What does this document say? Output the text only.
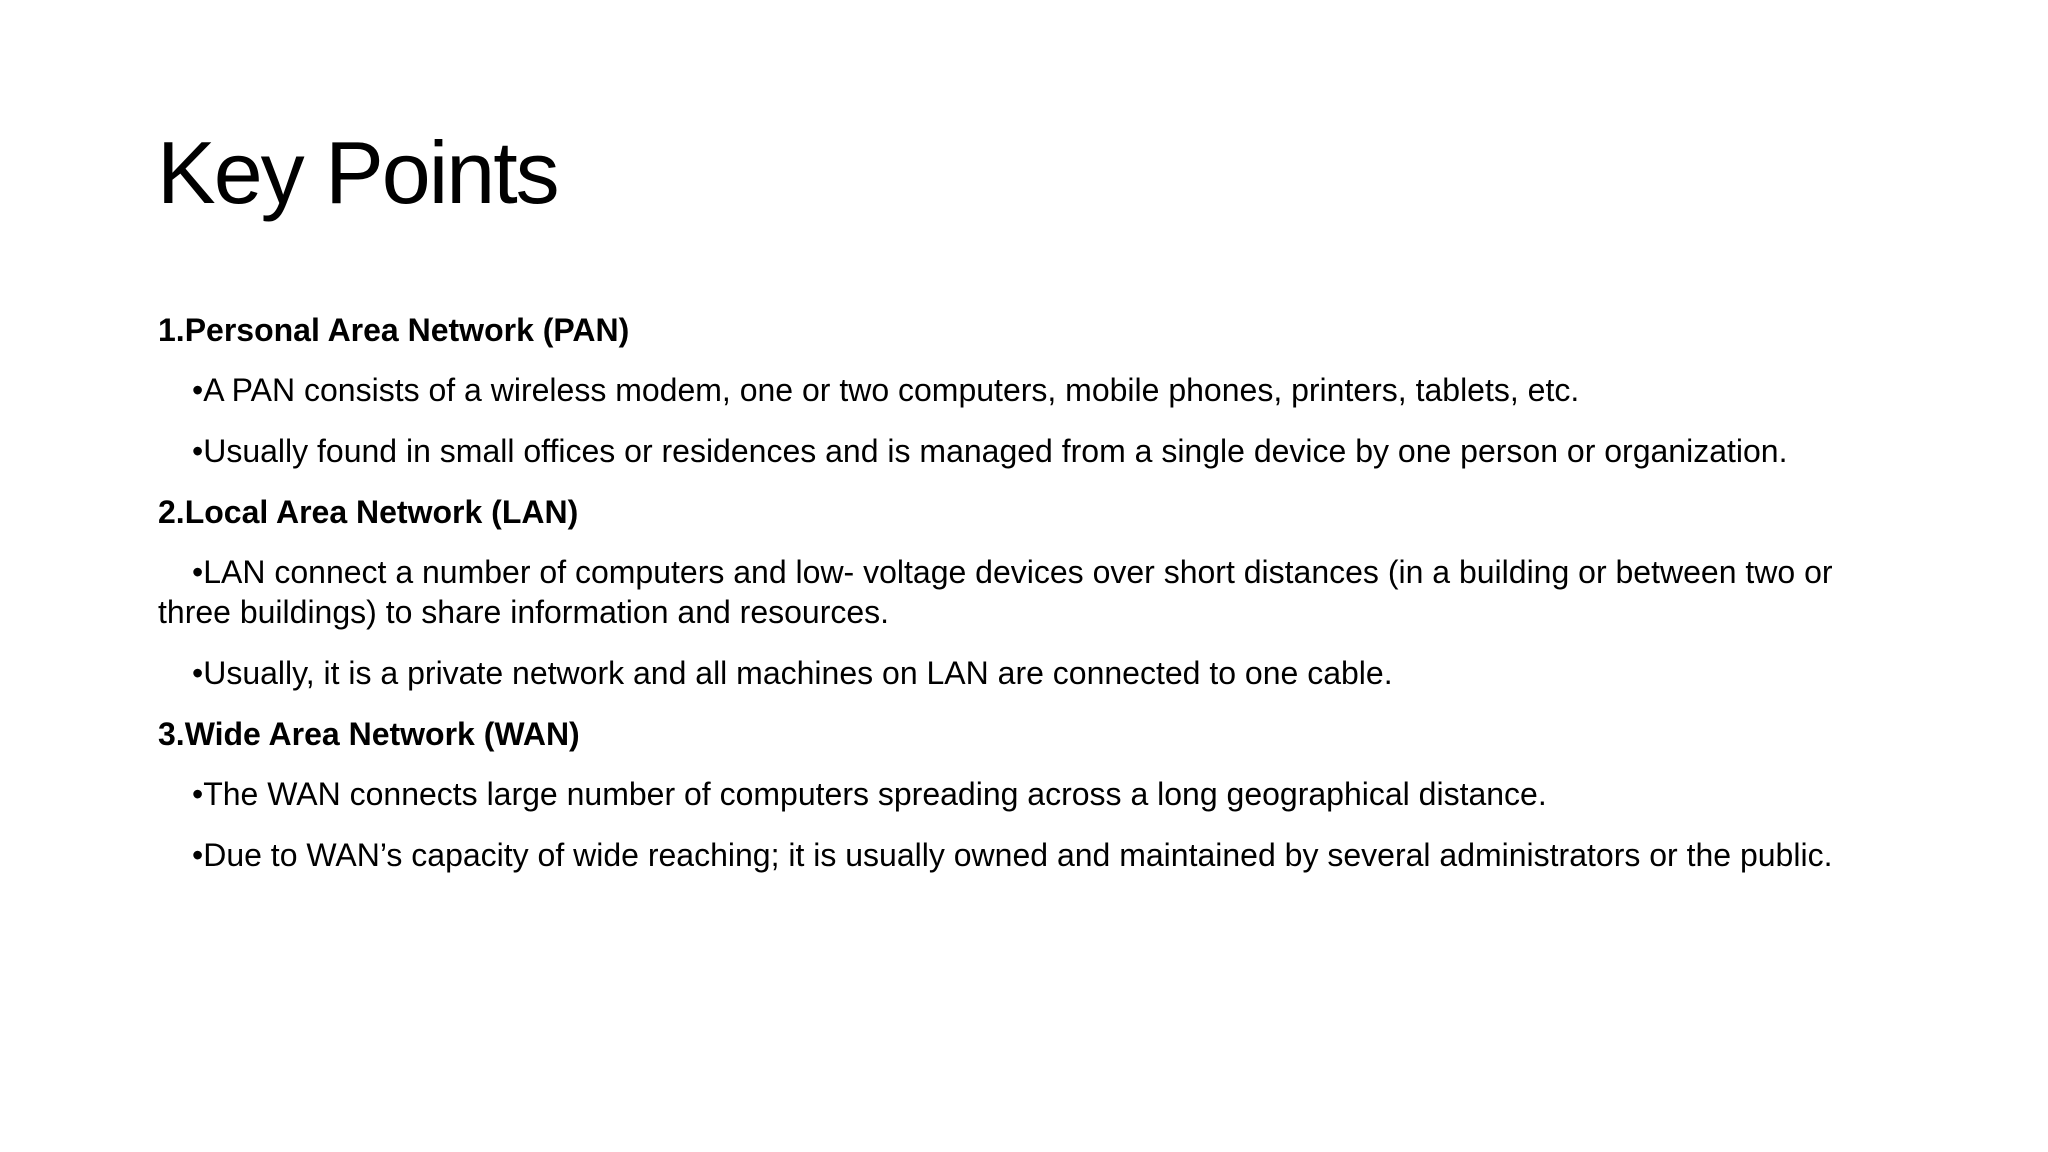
Key Points

1.Personal Area Network (PAN)

•A PAN consists of a wireless modem, one or two computers, mobile phones, printers, tablets, etc.

•Usually found in small offices or residences and is managed from a single device by one person or organization.

2.Local Area Network (LAN)

•LAN connect a number of computers and low- voltage devices over short distances (in a building or between two or three buildings) to share information and resources.

•Usually, it is a private network and all machines on LAN are connected to one cable.

3.Wide Area Network (WAN)

•The WAN connects large number of computers spreading across a long geographical distance.

•Due to WAN’s capacity of wide reaching; it is usually owned and maintained by several administrators or the public.
